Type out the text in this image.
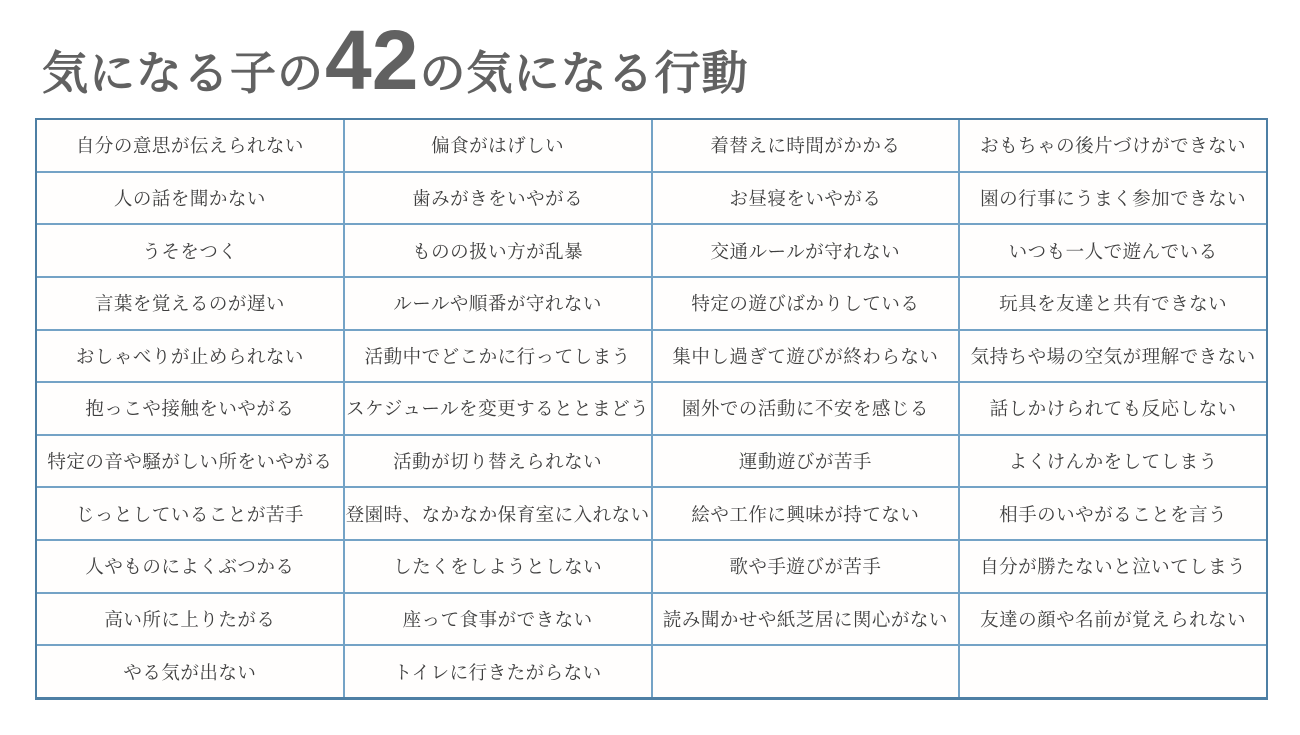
気になる子の 42 の気になる行動
自分の意思が伝えられない	偏食がはげしい	着替えに時間がかかる	おもちゃの後片づけができない
人の話を聞かない	歯みがきをいやがる	お昼寝をいやがる	園の行事にうまく参加できない
うそをつく	ものの扱い方が乱暴	交通ルールが守れない	いつも一人で遊んでいる
言葉を覚えるのが遅い	ルールや順番が守れない	特定の遊びばかりしている	玩具を友達と共有できない
おしゃべりが止められない	活動中でどこかに行ってしまう	集中し過ぎて遊びが終わらない	気持ちや場の空気が理解できない
抱っこや接触をいやがる	スケジュールを変更するととまどう	園外での活動に不安を感じる	話しかけられても反応しない
特定の音や騒がしい所をいやがる	活動が切り替えられない	運動遊びが苦手	よくけんかをしてしまう
じっとしていることが苦手	登園時、なかなか保育室に入れない	絵や工作に興味が持てない	相手のいやがることを言う
人やものによくぶつかる	したくをしようとしない	歌や手遊びが苦手	自分が勝たないと泣いてしまう
高い所に上りたがる	座って食事ができない	読み聞かせや紙芝居に関心がない	友達の顔や名前が覚えられない
やる気が出ない	トイレに行きたがらない
